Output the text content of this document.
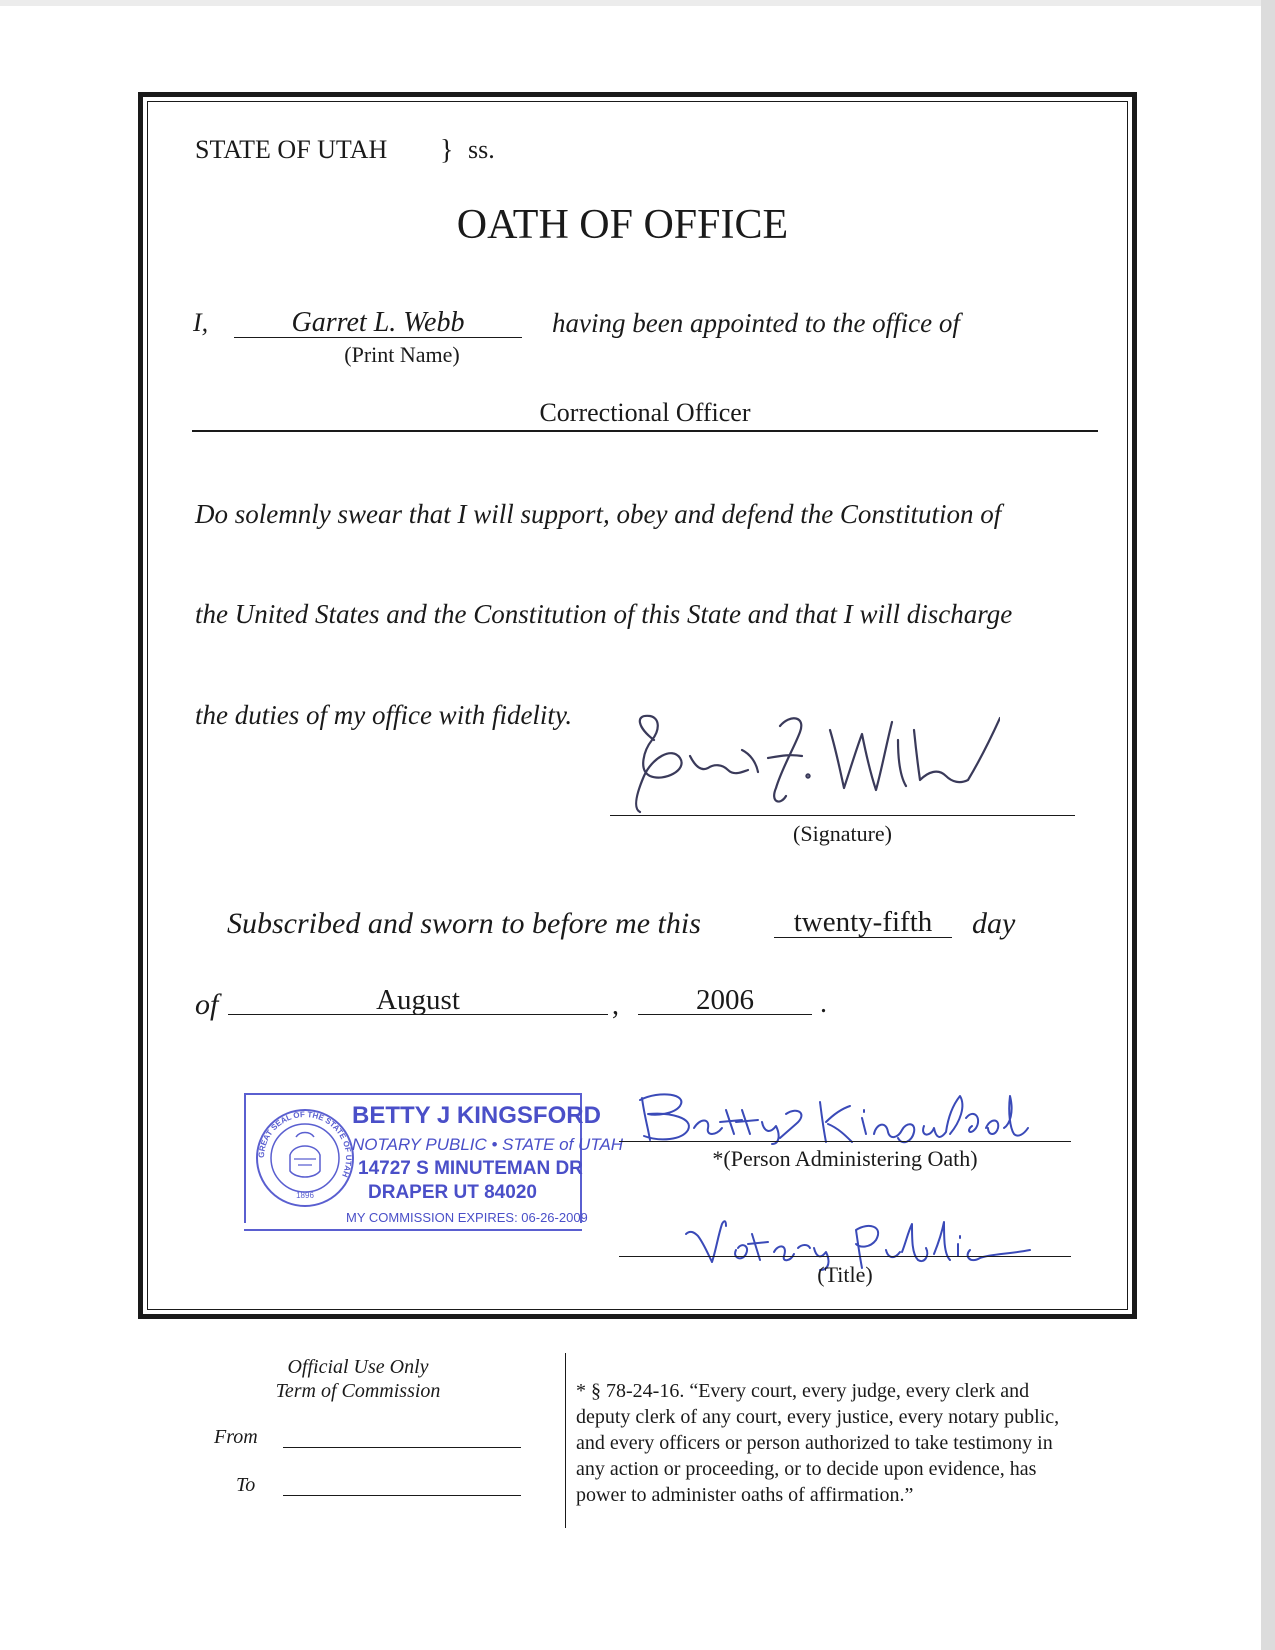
STATE OF UTAH } ss.
OATH OF OFFICE
I,	Garret L. Webb
(Print Name)
having been appointed to the office of
Correctional Officer
Do solemnly swear that I will support, obey and defend the Constitution of
the United States and the Constitution of this State and that I will discharge
the duties of my office with fidelity.
(Signature)
Subscribed and sworn to before me this	twenty-fifth	day
of	August	,	2006	.
GREAT SEAL OF THE STATE OF UTAH
1896
BETTY J KINGSFORD
NOTARY PUBLIC • STATE of UTAH
14727 S MINUTEMAN DR
DRAPER UT 84020
MY COMMISSION EXPIRES: 06-26-2009
*(Person Administering Oath)
(Title)
Official Use Only
Term of Commission
From
To
* § 78-24-16. “Every court, every judge, every clerk and
deputy clerk of any court, every justice, every notary public,
and every officers or person authorized to take testimony in
any action or proceeding, or to decide upon evidence, has
power to administer oaths of affirmation.”
